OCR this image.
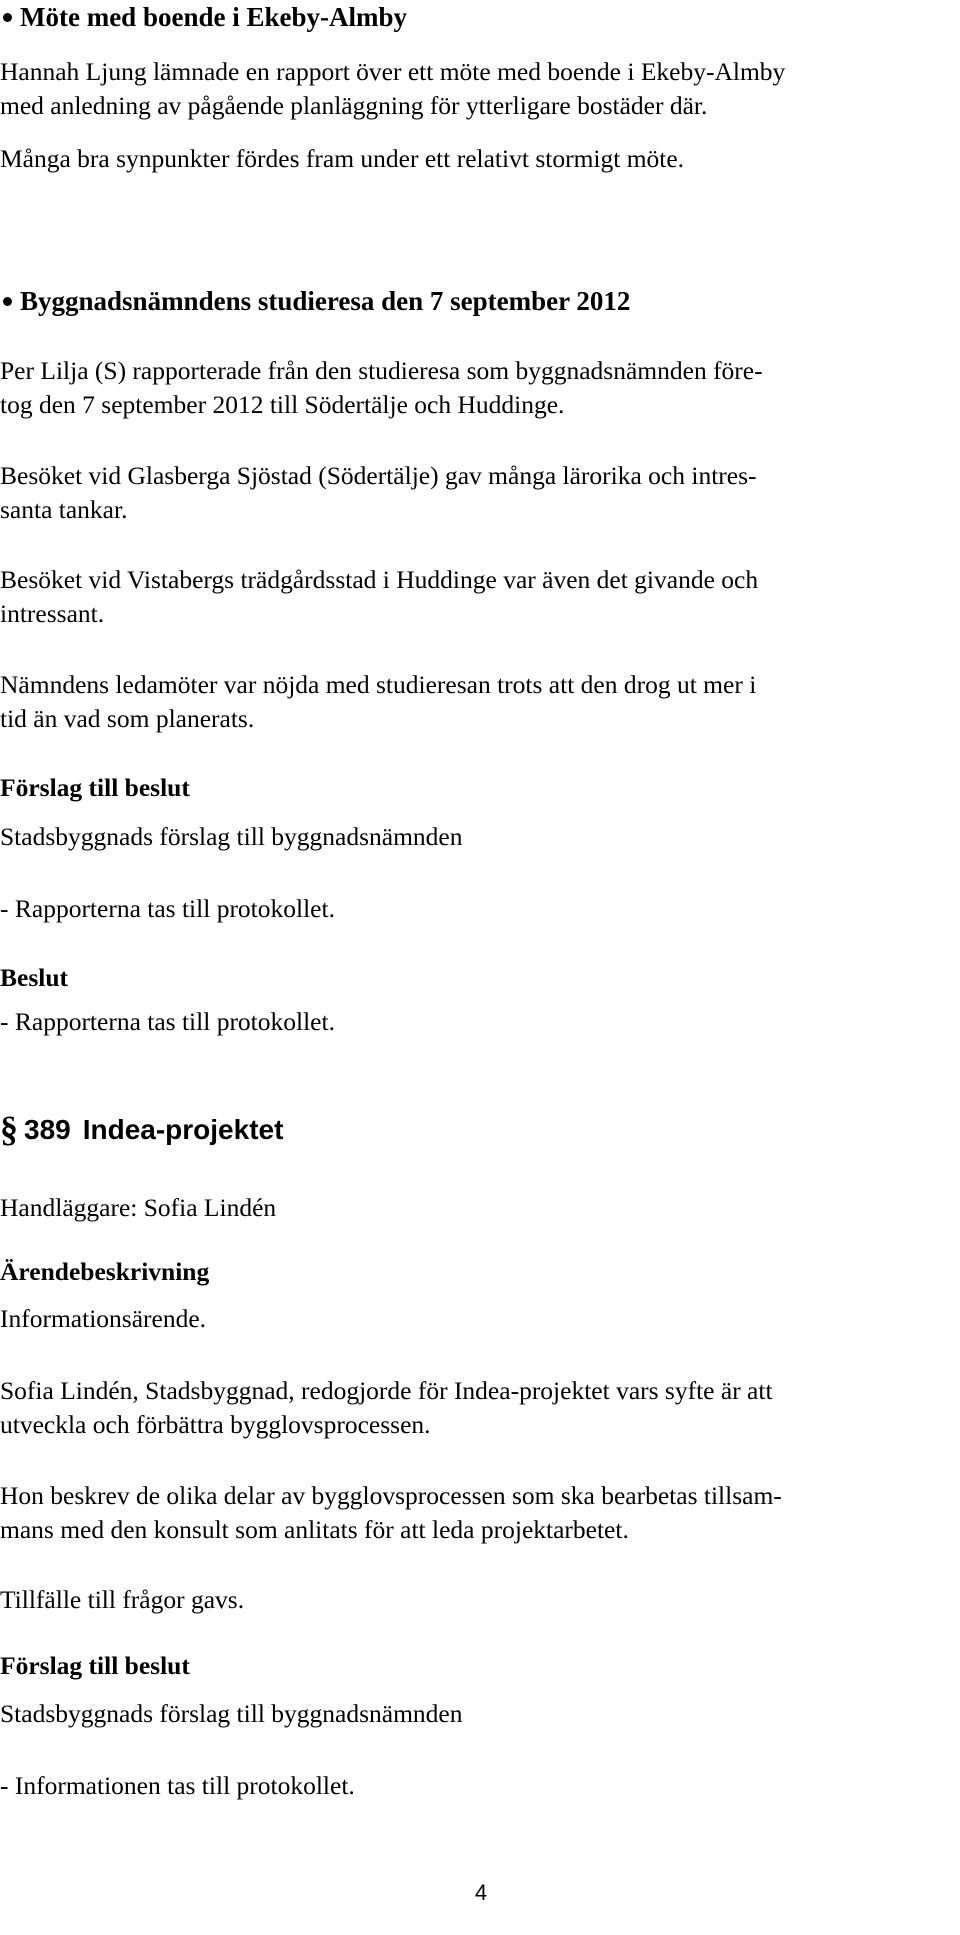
Möte med boende i Ekeby-Almby
Hannah Ljung lämnade en rapport över ett möte med boende i Ekeby-Almby
med anledning av pågående planläggning för ytterligare bostäder där.
Många bra synpunkter fördes fram under ett relativt stormigt möte.
Byggnadsnämndens studieresa den 7 september 2012
Per Lilja (S) rapporterade från den studieresa som byggnadsnämnden före-
tog den 7 september 2012 till Södertälje och Huddinge.
Besöket vid Glasberga Sjöstad (Södertälje) gav många lärorika och intres-
santa tankar.
Besöket vid Vistabergs trädgårdsstad i Huddinge var även det givande och
intressant.
Nämndens ledamöter var nöjda med studieresan trots att den drog ut mer i
tid än vad som planerats.
Förslag till beslut
Stadsbyggnads förslag till byggnadsnämnden
- Rapporterna tas till protokollet.
Beslut
- Rapporterna tas till protokollet.
§ 389 Indea-projektet
Handläggare: Sofia Lindén
Ärendebeskrivning
Informationsärende.
Sofia Lindén, Stadsbyggnad, redogjorde för Indea-projektet vars syfte är att
utveckla och förbättra bygglovsprocessen.
Hon beskrev de olika delar av bygglovsprocessen som ska bearbetas tillsam-
mans med den konsult som anlitats för att leda projektarbetet.
Tillfälle till frågor gavs.
Förslag till beslut
Stadsbyggnads förslag till byggnadsnämnden
- Informationen tas till protokollet.
4
